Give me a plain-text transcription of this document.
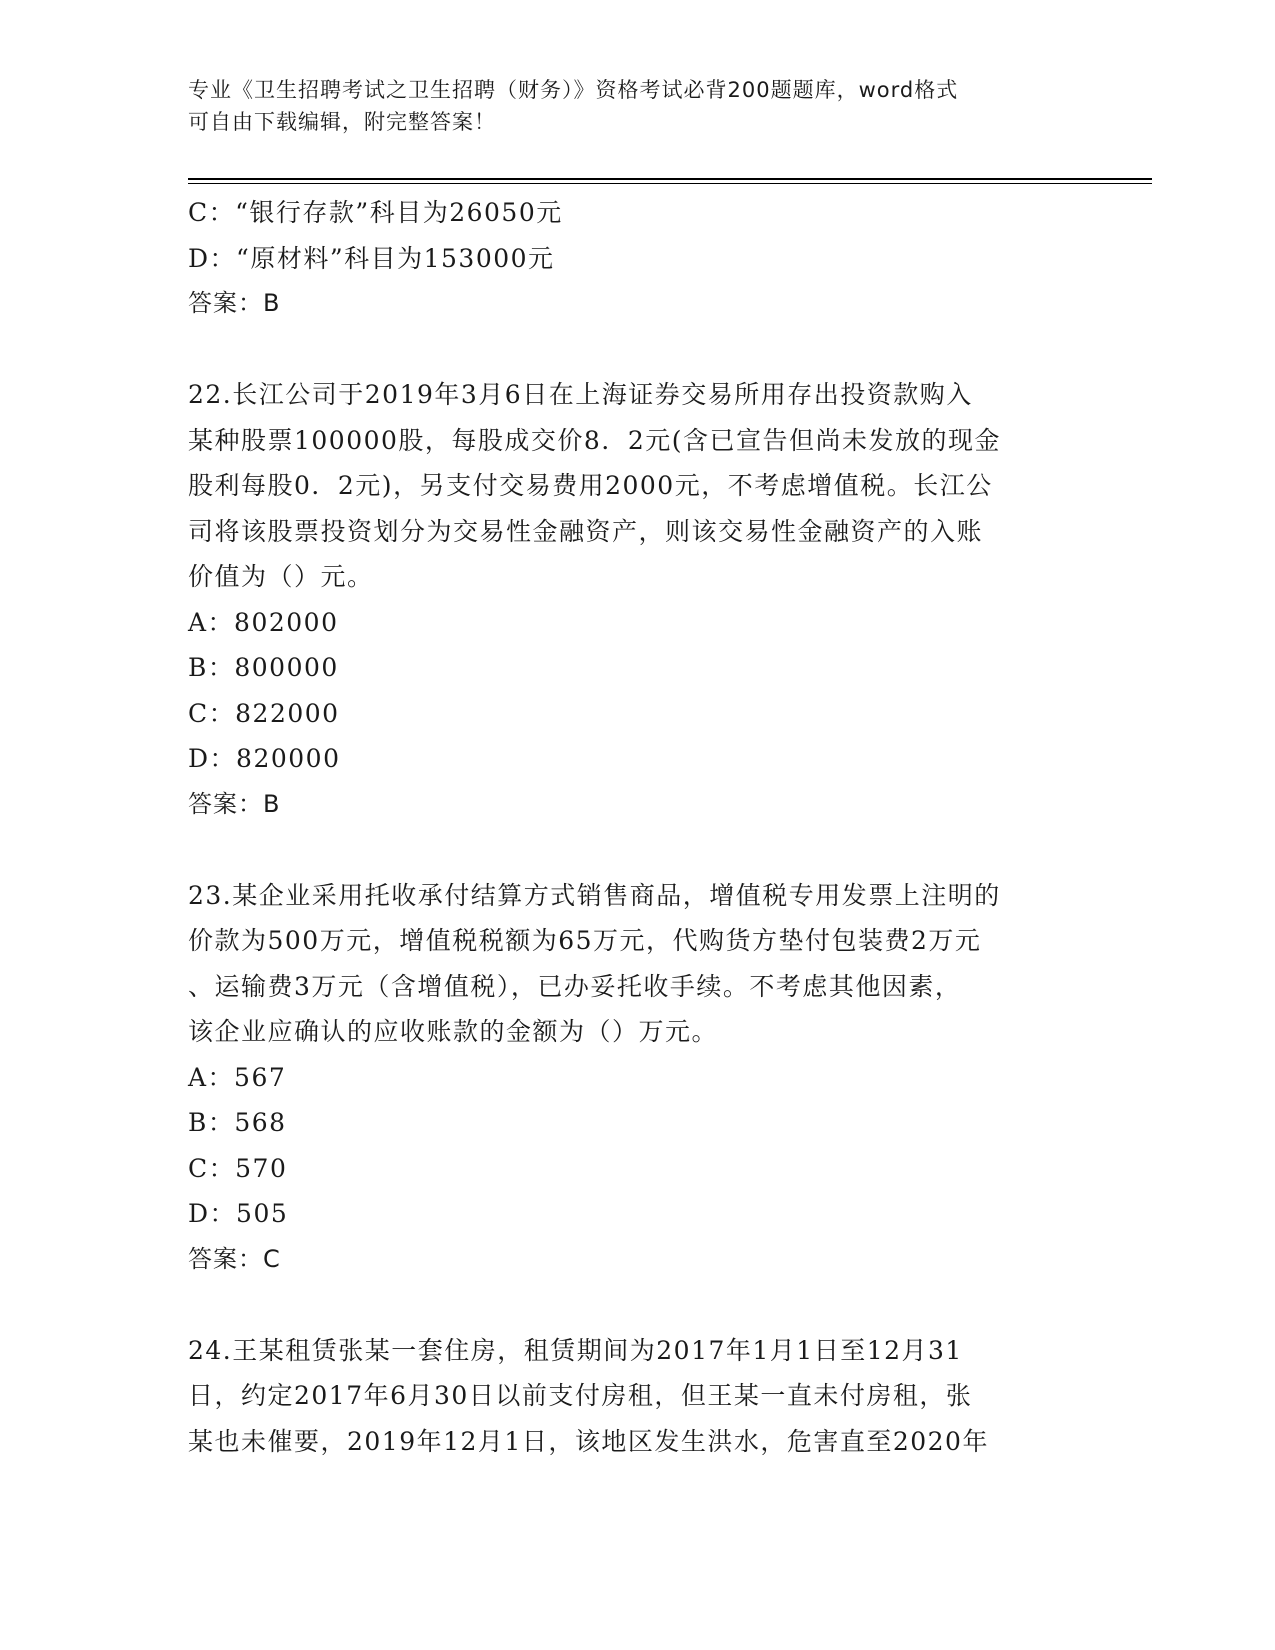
专业《卫生招聘考试之卫生招聘（财务）》资格考试必背200题题库，word格式
可自由下载编辑，附完整答案！
C：“银行存款”科目为26050元
D：“原材料”科目为153000元
答案：B
22.长江公司于2019年3月6日在上海证券交易所用存出投资款购入
某种股票100000股，每股成交价8．2元(含已宣告但尚未发放的现金
股利每股0．2元)，另支付交易费用2000元，不考虑增值税。长江公
司将该股票投资划分为交易性金融资产，则该交易性金融资产的入账
价值为（）元。
A：802000
B：800000
C：822000
D：820000
答案：B
23.某企业采用托收承付结算方式销售商品，增值税专用发票上注明的
价款为500万元，增值税税额为65万元，代购货方垫付包装费2万元
、运输费3万元（含增值税），已办妥托收手续。不考虑其他因素，
该企业应确认的应收账款的金额为（）万元。
A：567
B：568
C：570
D：505
答案：C
24.王某租赁张某一套住房，租赁期间为2017年1月1日至12月31
日，约定2017年6月30日以前支付房租，但王某一直未付房租，张
某也未催要，2019年12月1日，该地区发生洪水，危害直至2020年
